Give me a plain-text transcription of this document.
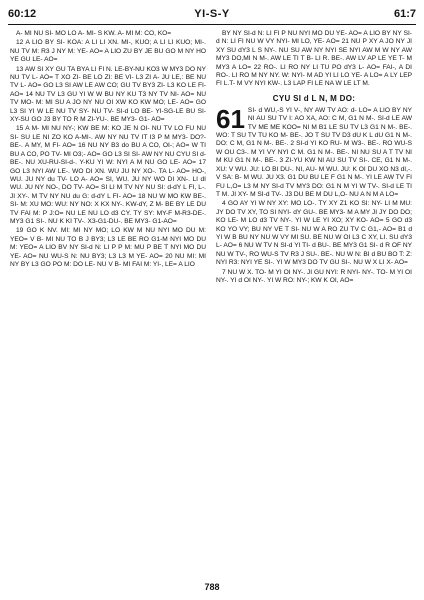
60:12	YI-S-Y	61:7

A- MI NU SI- MO LO A- MI- S KW. A- MI M: CO, KO=

12 A LIO BY SI- KOA: A LI LI XN. MI-, KUO; A LI LI KUO; MI-. NU TV M: R3 J NY M: YE- AO= A LIO ZU BY JE BU GO M NY HO YE GU LE- AO=

13 AW SI XY GU TA BYA LI FI N. LE-BY-NU KO3 W MY3 DO NY NU TV L- AO= T XO ZI- BE LO ZI: BE VI- L3 ZI A- JU LE,: BE NU TV L- AO= GO L3 SI AW LE AW CO; GU TV BY3 ZI- L3 KO LE FI- AO= 14 NU TV L3 GU YI W W BU NY KU T3 NY TV NI- AO= NU TV MO- M: MI SU A JO NY NU OI XW KO KW MO; LE- AO= GO L3 SI YI W LE NU TV SY- NU TV- SI-d LO BE- YI-SG-LE BU SI-XY-SU GO J3 BY TO R M ZI-YU-. BE MY3- G1- AO=

15 A M- MI NU NY-; KW BE M: KO JE N OI- NU TV LO FU NU SI- SU LE NI ZO KO A-MI-. AW NY NU TV IT I3 P M MY3- DO?- BE-. A MY, M FI- AO= 16 NU NY B3 do BU A CO, OI-; AO= W TI BU A CO, PO TV- MI O3;- AO= GO L3 SI SI- AW NY NU CYU SI d- BE-. NU XU-RU-SI-d-. Y-KU YI W: NYI A M NU GO LE- AO= 17 GO L3 NYI AW LE-. WO DI XN. WU JU NY XO-. TA L- AO= HO-, WU. JU NY du TV- LO A- AO= SI, WU. JU NY WO DI XN-. LI dI WU. JU NY NO-, DO TV- AO= SI LI M TV NY NU SI: d-dY L FI, L-. JI XY-. M TV NY NU du G: d-dY L FI- AO= 18 NU W MO KW BE-. SI- M: XU MO: WU: NY NO: X KX NY-. KW-dY, Z M- BE BY LE DU TV FAI M: P J:O= NU LE NU LO d3 CY. TY SY: MY-F M-R3-DE-. MY3 G1 SI-. NU K KI TV-. X3-G1-DU-. BE MY3- G1-AO=

19 GO K NV. MI: MI NY MO; LO KW M NU NYI MO DU M: YEO= V B- MI NU TO B J BY3; L3 LE BE RO G1-M NYI MO DU M: YEO= A LIO BV NY SI-d N: LI P P M: MU P BE T NYI MO DU YE- AO= NU WU-S N: NU BY3; L3 L3 M YE- AO= 20 NU MI: MI NY BY L3 GO PO M: DO LE- NU V B- MI FAI M: YI-, LE= A LIO

BY NY SI-d N: LI FI P NU NYI MO DU YE- AO= A LIO BY NY SI-d N: LI FI NU W VY NYI- MI LO, YE- AO= 21 NU P XY A JO NY JI XY SU dY3 L S NY-. NU SU AW NY NYI SE NYI AW M W NY AW MY3 DO,MI N M-. AW LE TI T B- LI R. BE-. AW LV AP LE YE T- M MY3 A LO= 22 RO-. LI RO NY LI TU PO dY3 L- AO= FAI-, A DI RO-. LI RO M NY NY. W: NYI- M AD YI LI LO YE- A LO= A LY LEP FI L.T- M VY NYI KW-. L3 LAP FI LE NA W LE LT M.

CYU SI d L N, M DO:
61 SI- d WU,-S YI V-, NY AW TV AO: d- LO= A LIO BY NY NI AU SU TV I: AO XA, AO: C M, G1 N M-. SI-d LE AW TV ME ME KOO= NI M B1 LE SU TV L3 G1 N M-. BE-. WO: T SU TV TU KO M- BE-. JO T SU TV D3 dU K L dU G1 N M-. DO: C M, G1 N M-. BE-. 2 SI-d YI KO RU- M W3-. BE-. RO WU-S W OU C3-. M YI VY NYI C M. G1 N M-. BE-. NI NU SU A T TV NI M KU G1 N M-. BE-. 3 ZI-YU KW NI AU SU TV SI-. CE, G1 N M-. XU: V WU. JU: LO BI DU-. NI, AU- M WU. JU: K OI DU XO N3 dI,-. V SA: B- M WU. JU X3. G1 DU BU LE F G1 N M-. YI LE AW TV FI FU L,O= L3 M NY SI-d TV MY3 DO: G1 N M YI W TV-. SI-d LE TI T M. JI XY- M SI-d TV-. J3 DU BE M DU L,O- NU A N M A LO=

4 GO AY YI W NY XY: MO LO-. TY XY Z1 KO SI: NY- LI M MU: JY DO TV XY, TO SI NYI- dY GU-. BE MY3- M A MY JI JY DO DO; KO LE- M LO d3 TV NY-. YI W LE YI XO; XY KO- AO= 5 GO d3 KO YO VY; BU NY VE T SI- NU W A RO ZU TV C G1,- AO= B1 d YI W B BU NY NU W VY MI SU. BE NU W OI L3 C XY, LI. SU dY3 L- AO= 6 NU W TV N SI-d YI TI- d BU-. BE MY3 G1 SI- d R OF NY NU W TV-, RO WU-S TV R3 J SU-. BE-. NU W N: BI d BU BO T: Z: NYI R3: NYI YE SI-. YI W MY3 DO TV GU SI-. NU W X LI X- AO=

7 NU W X. TO- M YI OI NY-. JI GU NYI: R NYI- NY-. TO- M YI OI NY-. YI d OI NY-. YI W RO: NY-; KW K OI, AO=

788
